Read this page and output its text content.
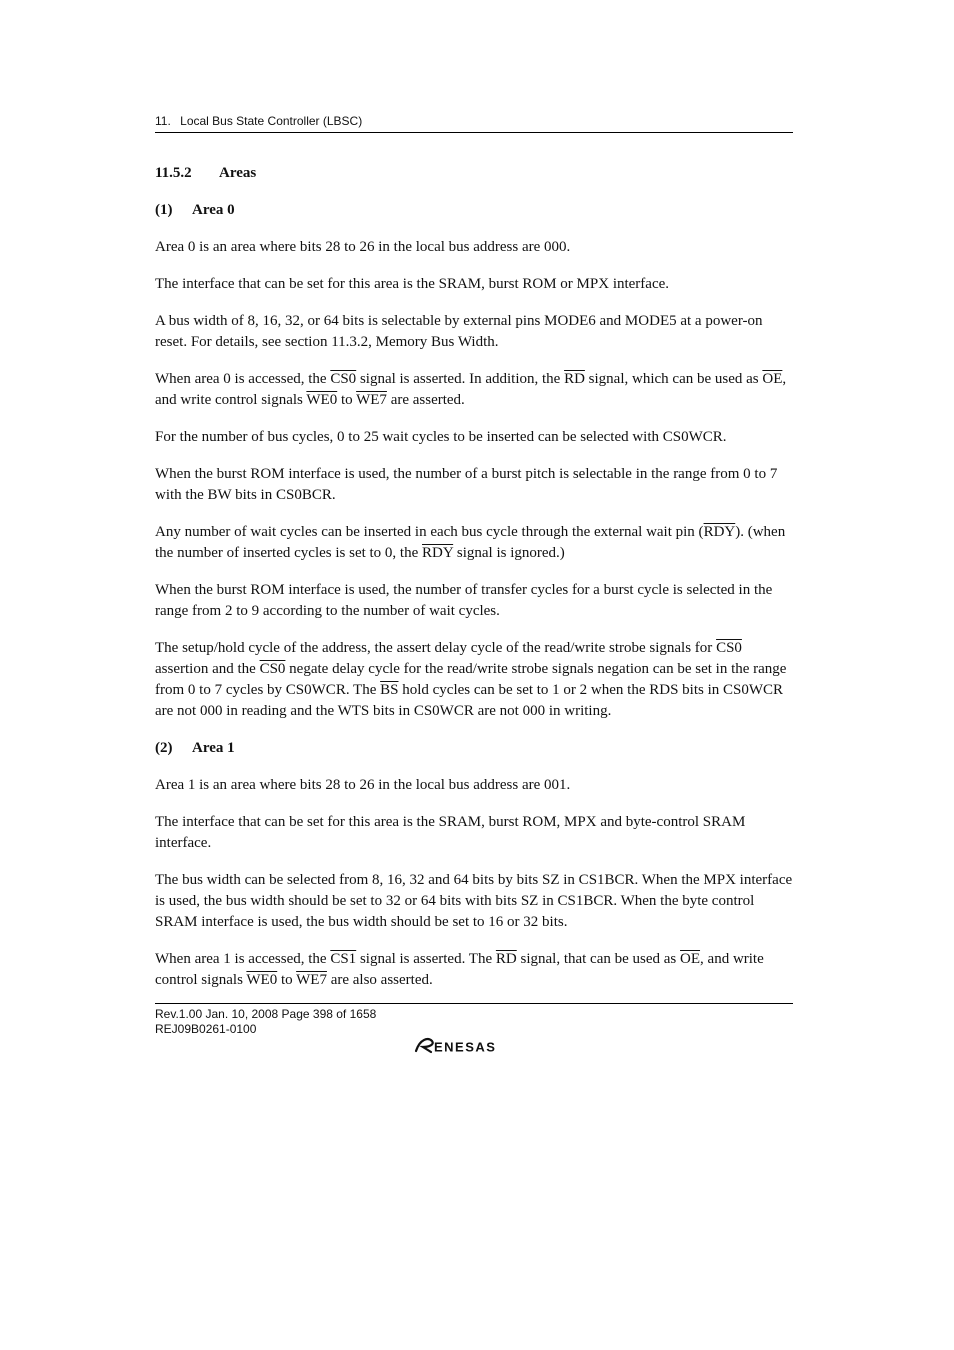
11. Local Bus State Controller (LBSC)
11.5.2 Areas
(1) Area 0

Area 0 is an area where bits 28 to 26 in the local bus address are 000.

The interface that can be set for this area is the SRAM, burst ROM or MPX interface.

A bus width of 8, 16, 32, or 64 bits is selectable by external pins MODE6 and MODE5 at a power-on reset. For details, see section 11.3.2, Memory Bus Width.

When area 0 is accessed, the CS0 signal is asserted. In addition, the $\overline{RD}$ signal, which can be used as $\overline{OE}$, and write control signals WE0 to WE7 are asserted.

For the number of bus cycles, 0 to 25 wait cycles to be inserted can be selected with CS0WCR.

When the burst ROM interface is used, the number of a burst pitch is selectable in the range from 0 to 7 with the BW bits in CS0BCR.

Any number of wait cycles can be inserted in each bus cycle through the external wait pin $(\overline{RDY})$. (when the number of inserted cycles is set to 0, the $\overline{RDY}$ signal is ignored.)

When the burst ROM interface is used, the number of transfer cycles for a burst cycle is selected in the range from 2 to 9 according to the number of wait cycles.

The setup/hold cycle of the address, the assert delay cycle of the read/write strobe signals for CS0 assertion and the CS0 negate delay cycle for the read/write strobe signals negation can be set in the range from 0 to 7 cycles by CS0WCR. The $\overline{BS}$ hold cycles can be set to 1 or 2 when the RDS bits in CS0WCR are not 000 in reading and the WTS bits in CS0WCR are not 000 in writing.

(2) Area 1

Area 1 is an area where bits 28 to 26 in the local bus address are 001.

The interface that can be set for this area is the SRAM, burst ROM, MPX and byte-control SRAM interface.

The bus width can be selected from 8, 16, 32 and 64 bits by bits SZ in CS1BCR. When the MPX interface is used, the bus width should be set to 32 or 64 bits with bits SZ in CS1BCR. When the byte control SRAM interface is used, the bus width should be set to 16 or 32 bits.

When area 1 is accessed, the CS1 signal is asserted. The $\overline{RD}$ signal, that can be used as $\overline{OE}$, and write control signals WE0 to WE7 are also asserted.

Rev.1.00 Jan. 10, 2008 Page 398 of 1658
REJ09B0261-0100
ENESAS
